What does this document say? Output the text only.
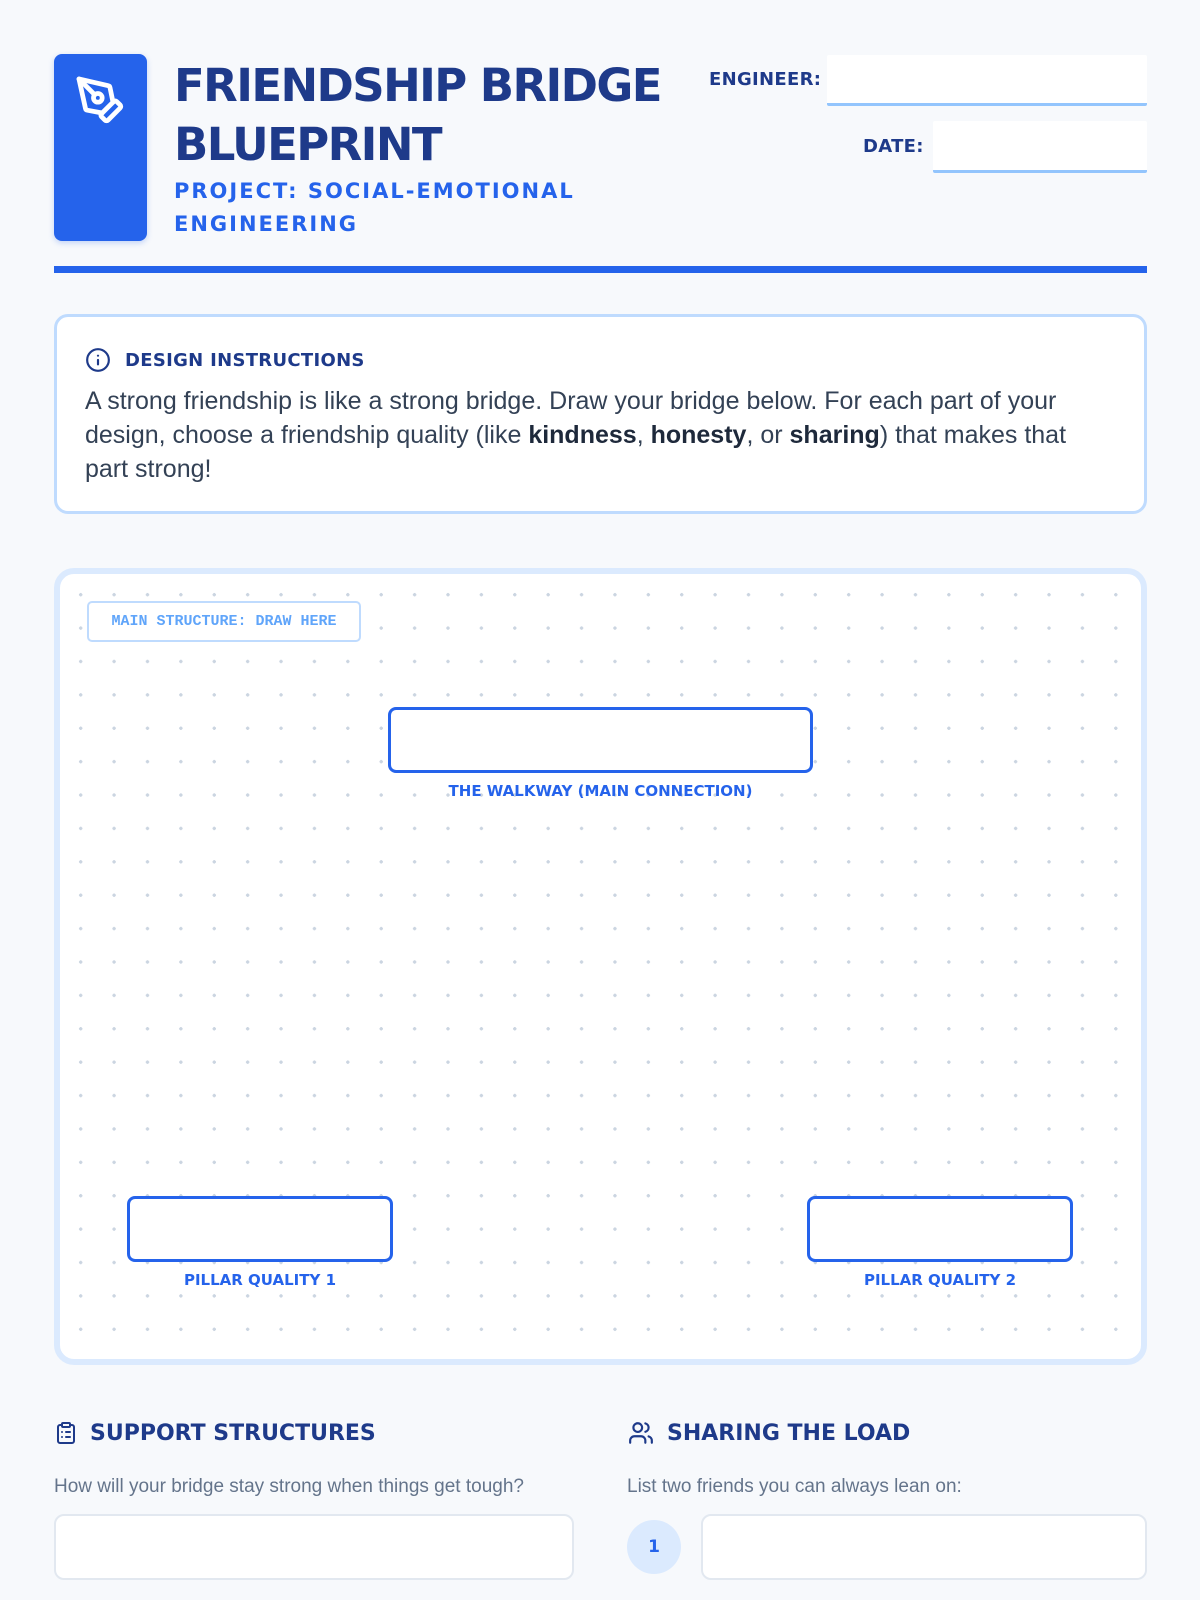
FRIENDSHIP BRIDGE
BLUEPRINT
PROJECT: SOCIAL-EMOTIONAL
ENGINEERING
ENGINEER:
DATE:
DESIGN INSTRUCTIONS

A strong friendship is like a strong bridge. Draw your bridge below. For each part of your design, choose a friendship quality (like kindness, honesty, or sharing) that makes that part strong!

MAIN STRUCTURE: DRAW HERE
THE WALKWAY (MAIN CONNECTION)
PILLAR QUALITY 1	PILLAR QUALITY 2
SUPPORT STRUCTURES
How will your bridge stay strong when things get tough?
SHARING THE LOAD
List two friends you can always lean on:
1
